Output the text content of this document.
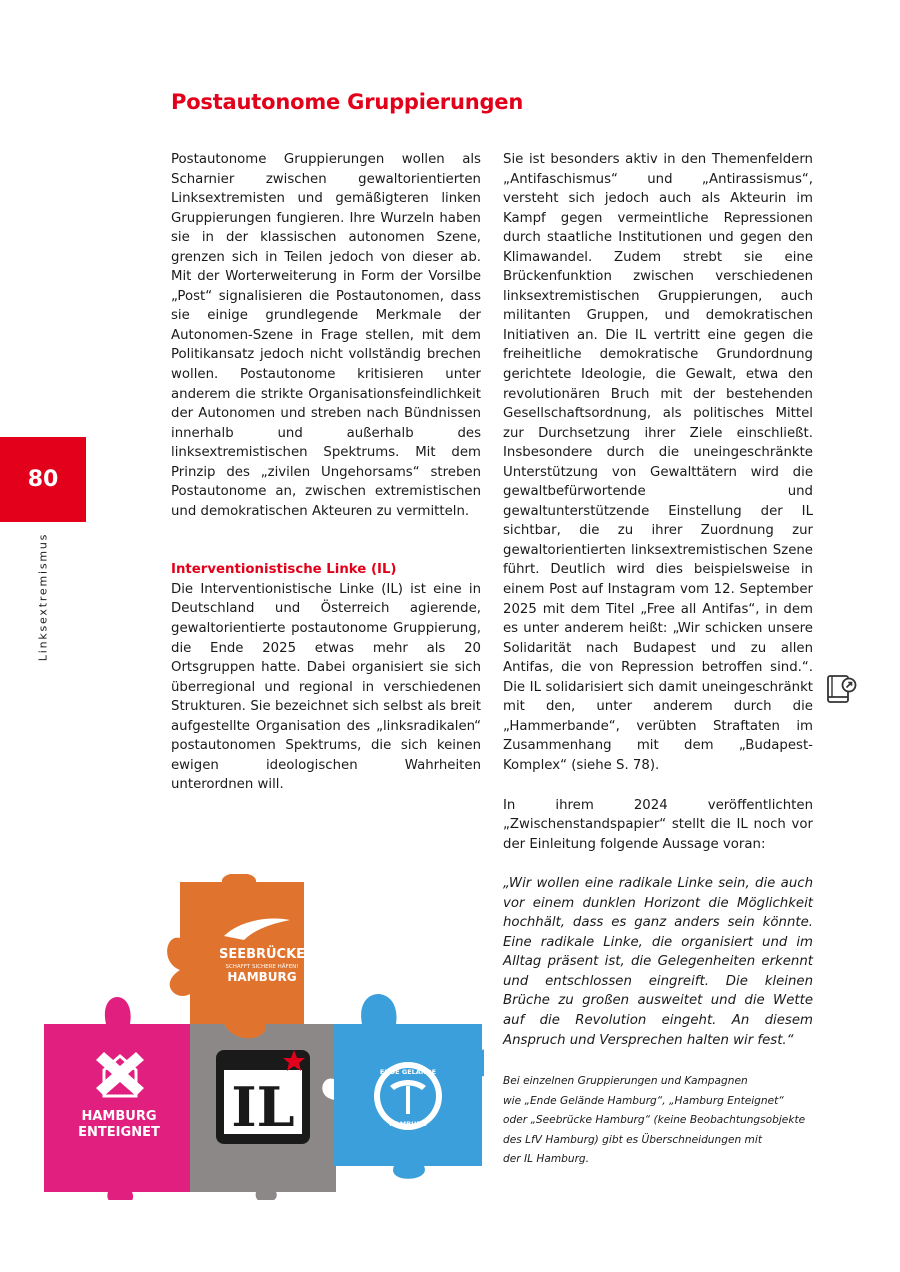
Postautonome Gruppierungen

Postautonome Gruppierungen wollen als Scharnier zwischen gewaltorientierten Linksextremisten und gemäßigteren linken Gruppierungen fungieren. Ihre Wurzeln haben sie in der klassischen autonomen Szene, grenzen sich in Teilen jedoch von dieser ab. Mit der Worterweiterung in Form der Vorsilbe „Post“ signalisieren die Postautonomen, dass sie einige grundlegende Merkmale der Autonomen-Szene in Frage stellen, mit dem Politikansatz jedoch nicht vollständig brechen wollen. Postautonome kritisieren unter anderem die strikte Organisationsfeindlichkeit der Autonomen und streben nach Bündnissen innerhalb und außerhalb des linksextremistischen Spektrums. Mit dem Prinzip des „zivilen Ungehorsams“ streben Postautonome an, zwischen extremistischen und demokratischen Akteuren zu vermitteln.

Interventionistische Linke (IL)

Die Interventionistische Linke (IL) ist eine in Deutschland und Österreich agierende, gewaltorientierte postautonome Gruppierung, die Ende 2025 etwas mehr als 20 Ortsgruppen hatte. Dabei organisiert sie sich überregional und regional in verschiedenen Strukturen. Sie bezeichnet sich selbst als breit aufgestellte Organisation des „linksradikalen“ postautonomen Spektrums, die sich keinen ewigen ideologischen Wahrheiten unterordnen will.

Sie ist besonders aktiv in den Themenfeldern „Antifaschismus“ und „Antirassismus“, versteht sich jedoch auch als Akteurin im Kampf gegen vermeintliche Repressionen durch staatliche Institutionen und gegen den Klimawandel. Zudem strebt sie eine Brückenfunktion zwischen verschiedenen linksextremistischen Gruppierungen, auch militanten Gruppen, und demokratischen Initiativen an. Die IL vertritt eine gegen die freiheitliche demokratische Grundordnung gerichtete Ideologie, die Gewalt, etwa den revolutionären Bruch mit der bestehenden Gesellschaftsordnung, als politisches Mittel zur Durchsetzung ihrer Ziele einschließt. Insbesondere durch die uneingeschränkte Unterstützung von Gewalttätern wird die gewaltbefürwortende und gewaltunterstützende Einstellung der IL sichtbar, die zu ihrer Zuordnung zur gewaltorientierten linksextremistischen Szene führt. Deutlich wird dies beispielsweise in einem Post auf Instagram vom 12. September 2025 mit dem Titel „Free all Antifas“, in dem es unter anderem heißt: „Wir schicken unsere Solidarität nach Budapest und zu allen Antifas, die von Repression betroffen sind.“. Die IL solidarisiert sich damit uneingeschränkt mit den, unter anderem durch die „Hammerbande“, verübten Straftaten im Zusammenhang mit dem „Budapest-Komplex“ (siehe S. 78).

In ihrem 2024 veröffentlichten „Zwischenstandspapier“ stellt die IL noch vor der Einleitung folgende Aussage voran:

„Wir wollen eine radikale Linke sein, die auch vor einem dunklen Horizont die Möglichkeit hochhält, dass es ganz anders sein könnte. Eine radikale Linke, die organisiert und im Alltag präsent ist, die Gelegenheiten erkennt und entschlossen eingreift. Die kleinen Brüche zu großen ausweitet und die Wette auf die Revolution eingeht. An diesem Anspruch und Versprechen halten wir fest.“

80
Linksextremismus
SEEBRÜCKE
SCHAFFT SICHERE HÄFEN!
HAMBURG
HAMBURG
ENTEIGNET IL
ENDE GELÄNDE
HAMBURG

Bei einzelnen Gruppierungen und Kampagnen

wie „Ende Gelände Hamburg“, „Hamburg Enteignet“

oder „Seebrücke Hamburg“ (keine Beobachtungsobjekte

des LfV Hamburg) gibt es Überschneidungen mit

der IL Hamburg.
